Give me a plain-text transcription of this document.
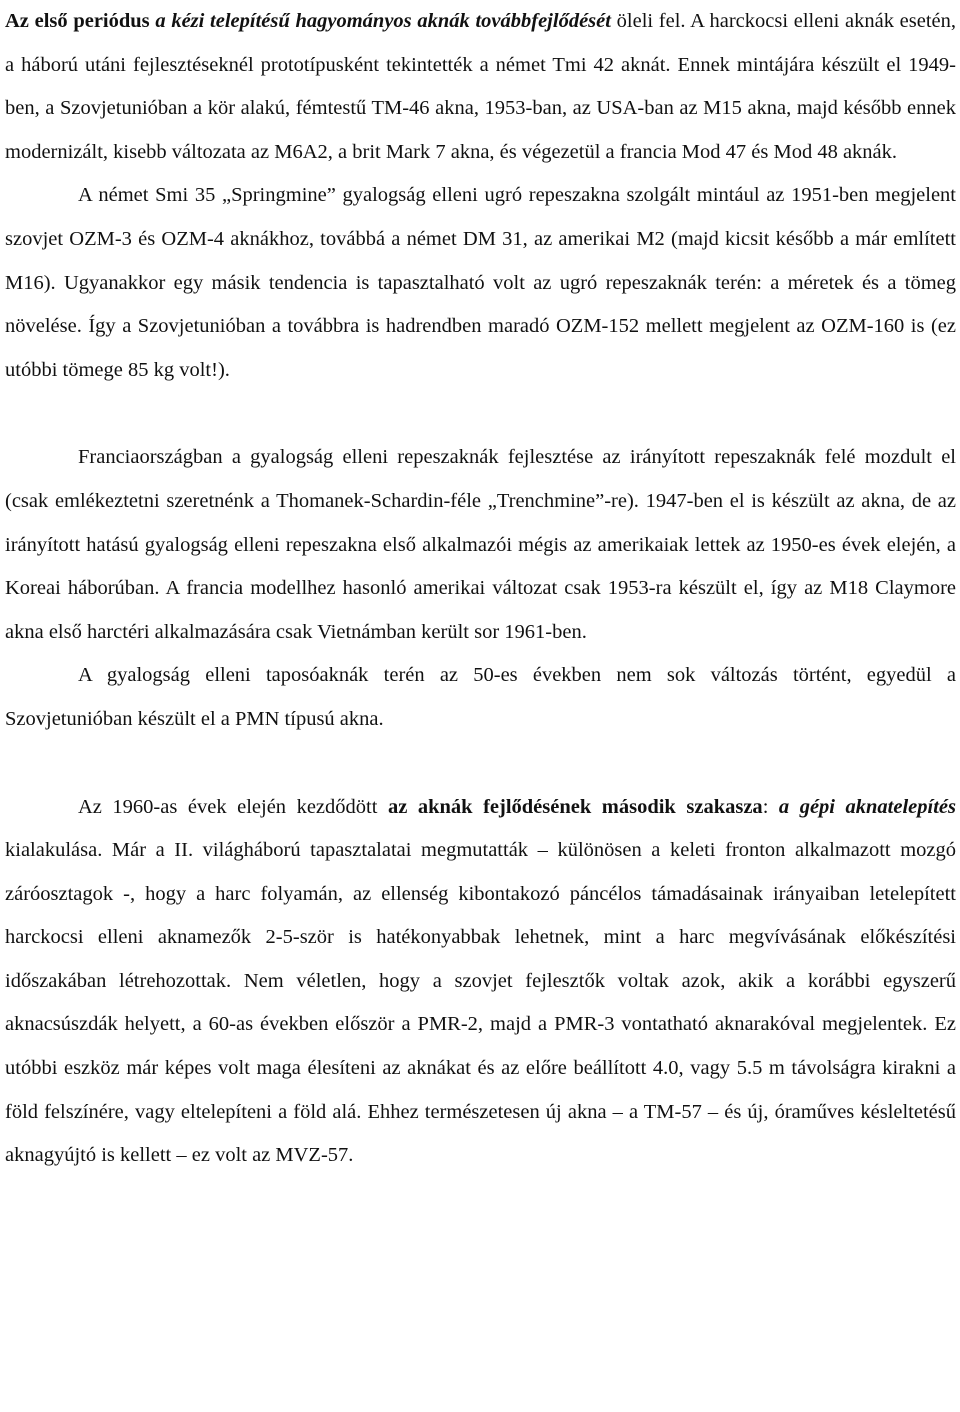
Az első periódus a kézi telepítésű hagyományos aknák továbbfejlődését öleli fel. A harckocsi elleni aknák esetén, a háború utáni fejlesztéseknél prototípusként tekintették a német Tmi 42 aknát. Ennek mintájára készült el 1949-ben, a Szovjetunióban a kör alakú, fémtestű TM-46 akna, 1953-ban, az USA-ban az M15 akna, majd később ennek modernizált, kisebb változata az M6A2, a brit Mark 7 akna, és végezetül a francia Mod 47 és Mod 48 aknák.

A német Smi 35 „Springmine” gyalogság elleni ugró repeszakna szolgált mintául az 1951-ben megjelent szovjet OZM-3 és OZM-4 aknákhoz, továbbá a német DM 31, az amerikai M2 (majd kicsit később a már említett M16). Ugyanakkor egy másik tendencia is tapasztalható volt az ugró repeszaknák terén: a méretek és a tömeg növelése. Így a Szovjetunióban a továbbra is hadrendben maradó OZM-152 mellett megjelent az OZM-160 is (ez utóbbi tömege 85 kg volt!).

Franciaországban a gyalogság elleni repeszaknák fejlesztése az irányított repeszaknák felé mozdult el (csak emlékeztetni szeretnénk a Thomanek-Schardin-féle „Trenchmine”-re). 1947-ben el is készült az akna, de az irányított hatású gyalogság elleni repeszakna első alkalmazói mégis az amerikaiak lettek az 1950-es évek elején, a Koreai háborúban. A francia modellhez hasonló amerikai változat csak 1953-ra készült el, így az M18 Claymore akna első harctéri alkalmazására csak Vietnámban került sor 1961-ben.

A gyalogság elleni taposóaknák terén az 50-es években nem sok változás történt, egyedül a Szovjetunióban készült el a PMN típusú akna.

Az 1960-as évek elején kezdődött az aknák fejlődésének második szakasza: a gépi aknatelepítés kialakulása. Már a II. világháború tapasztalatai megmutatták – különösen a keleti fronton alkalmazott mozgó záróosztagok -, hogy a harc folyamán, az ellenség kibontakozó páncélos támadásainak irányaiban letelepített harckocsi elleni aknamezők 2-5-ször is hatékonyabbak lehetnek, mint a harc megvívásának előkészítési időszakában létrehozottak. Nem véletlen, hogy a szovjet fejlesztők voltak azok, akik a korábbi egyszerű aknacsúszdák helyett, a 60-as években először a PMR-2, majd a PMR-3 vontatható aknarakóval megjelentek. Ez utóbbi eszköz már képes volt maga élesíteni az aknákat és az előre beállított 4.0, vagy 5.5 m távolságra kirakni a föld felszínére, vagy eltelepíteni a föld alá. Ehhez természetesen új akna – a TM-57 – és új, óraműves késleltetésű aknagyújtó is kellett – ez volt az MVZ-57.
